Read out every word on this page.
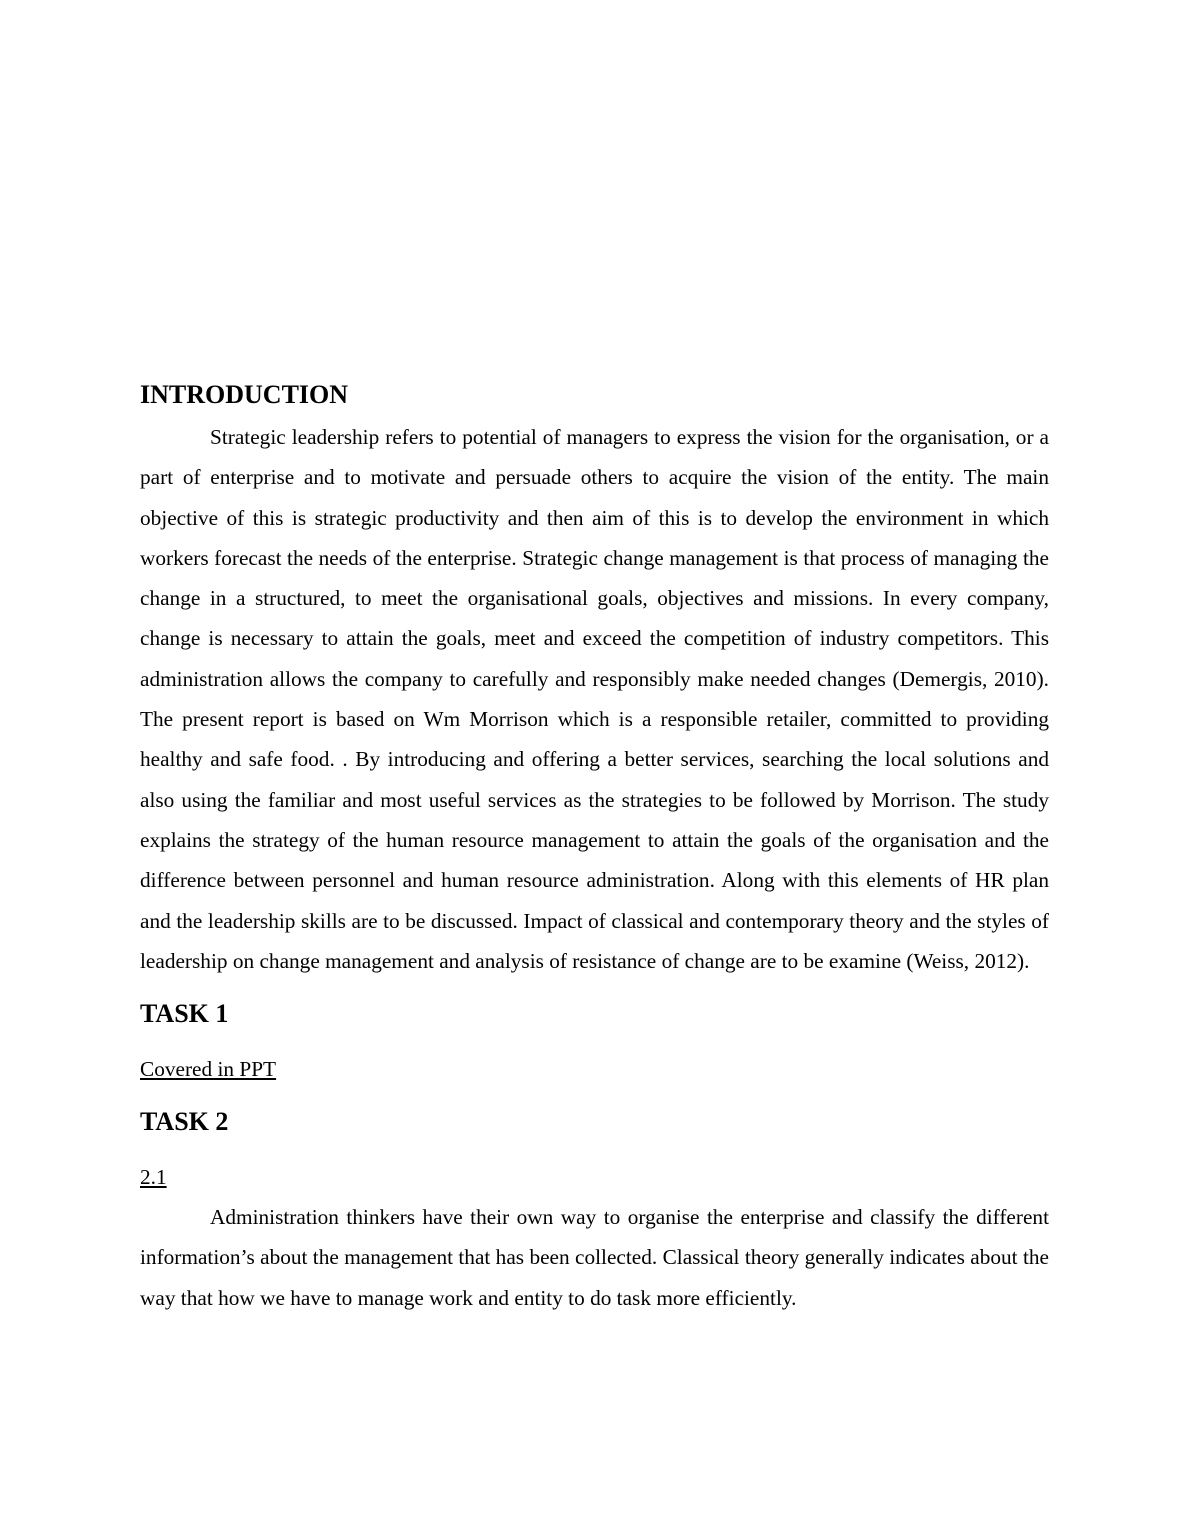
INTRODUCTION

Strategic leadership refers to potential of managers to express the vision for the organisation, or a part of enterprise and to motivate and persuade others to acquire the vision of the entity. The main objective of this is strategic productivity and then aim of this is to develop the environment in which workers forecast the needs of the enterprise. Strategic change management is that process of managing the change in a structured, to meet the organisational goals, objectives and missions. In every company, change is necessary to attain the goals, meet and exceed the competition of industry competitors. This administration allows the company to carefully and responsibly make needed changes (Demergis, 2010). The present report is based on Wm Morrison which is a responsible retailer, committed to providing healthy and safe food. . By introducing and offering a better services, searching the local solutions and also using the familiar and most useful services as the strategies to be followed by Morrison. The study explains the strategy of the human resource management to attain the goals of the organisation and the difference between personnel and human resource administration. Along with this elements of HR plan and the leadership skills are to be discussed. Impact of classical and contemporary theory and the styles of leadership on change management and analysis of resistance of change are to be examine (Weiss, 2012).

TASK 1

Covered in PPT

TASK 2

2.1

Administration thinkers have their own way to organise the enterprise and classify the different information’s about the management that has been collected. Classical theory generally indicates about the way that how we have to manage work and entity to do task more efficiently.
